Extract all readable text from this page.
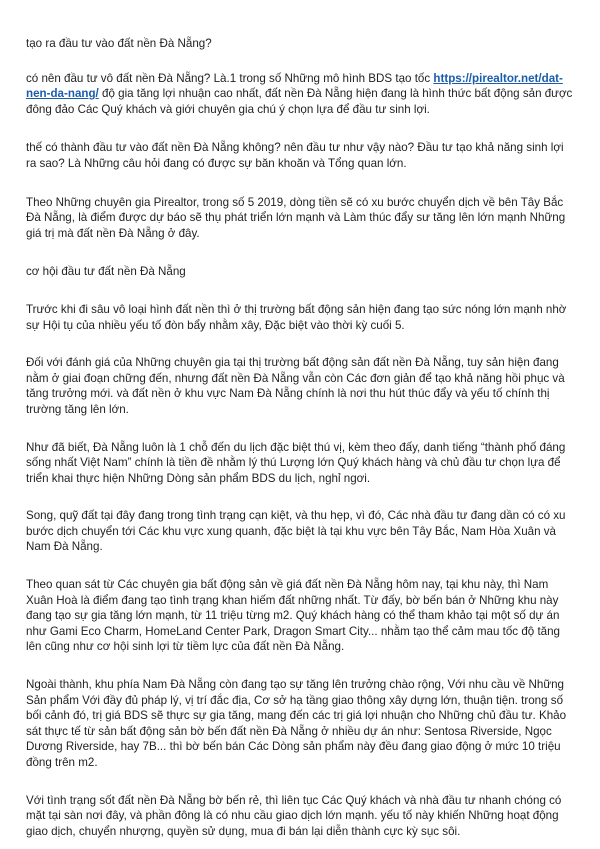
tạo ra đầu tư vào đất nền Đà Nẵng?

có nên đầu tư vô đất nền Đà Nẵng? Là.1 trong số Những mô hình BDS tạo tốc https://pirealtor.net/dat-nen-da-nang/ độ gia tăng lợi nhuận cao nhất, đất nền Đà Nẵng hiện đang là hình thức bất động sản được đông đảo Các Quý khách và giới chuyên gia chú ý chọn lựa để đầu tư sinh lợi.

thế có thành đầu tư vào đất nền Đà Nẵng không? nên đầu tư như vậy nào? Đầu tư tạo khả năng sinh lợi ra sao? Là Những câu hỏi đang có được sự băn khoăn và Tổng quan lớn.

Theo Những chuyên gia Pirealtor, trong số 5 2019, dòng tiền sẽ có xu bước chuyển dịch về bên Tây Bắc Đà Nẵng, là điểm được dự báo sẽ thụ phát triển lớn mạnh và Làm thúc đẩy sư tăng lên lớn mạnh Những giá trị mà đất nền Đà Nẵng ở đây.

cơ hội đầu tư đất nền Đà Nẵng

Trước khi đi sâu vô loại hình đất nền thì ở thị trường bất động sản hiện đang tạo sức nóng lớn mạnh nhờ sự Hội tụ của nhiều yếu tố đòn bẩy nhằm xây, Đặc biệt vào thời kỳ cuối 5.

Đối với đánh giá của Những chuyên gia tại thị trường bất động sản đất nền Đà Nẵng, tuy sản hiện đang nằm ở giai đoạn chững đến, nhưng đất nền Đà Nẵng vẫn còn Các đơn giản để tạo khả năng hồi phục và tăng trưởng mới. và đất nền ở khu vực Nam Đà Nẵng chính là nơi thu hút thúc đẩy và yếu tố chính thị trường tăng lên lớn.

Như đã biết, Đà Nẵng luôn là 1 chỗ đến du lịch đặc biệt thú vị, kèm theo đấy, danh tiếng “thành phố đáng sống nhất Việt Nam” chính là tiền đề nhằm lý thú Lượng lớn Quý khách hàng và chủ đầu tư chọn lựa để triển khai thực hiện Những Dòng sản phẩm BDS du lịch, nghỉ ngơi.

Song, quỹ đất tại đây đang trong tình trạng cạn kiệt, và thu hẹp, vì đó, Các nhà đầu tư đang dần có có xu bước dịch chuyển tới Các khu vực xung quanh, đặc biệt là tại khu vực bên Tây Bắc, Nam Hòa Xuân và Nam Đà Nẵng.

Theo quan sát từ Các chuyên gia bất động sản về giá đất nền Đà Nẵng hôm nay, tại khu này, thì Nam Xuân Hoà là điểm đang tạo tình trạng khan hiếm đất những nhất. Từ đấy, bờ bến bán ở Những khu này đang tạo sự gia tăng lớn mạnh, từ 11 triệu từng m2. Quý khách hàng có thể tham khảo tại một số dự án như Gami Eco Charm, HomeLand Center Park, Dragon Smart City... nhằm tạo thể cảm mau tốc độ tăng lên cũng như cơ hội sinh lợi từ tiềm lực của đất nền Đà Nẵng.

Ngoài thành, khu phía Nam Đà Nẵng còn đang tạo sự tăng lên trưởng chào rộng, Với nhu cầu về Những Sản phẩm Với đầy đủ pháp lý, vị trí đắc địa, Cơ sở hạ tầng giao thông xây dựng lớn, thuận tiện. trong số bối cảnh đó, trị giá BDS sẽ thực sự gia tăng, mang đến các trị giá lợi nhuận cho Những chủ đầu tư. Khảo sát thực tế từ sản bất động sản bờ bến đất nền Đà Nẵng ở nhiều dự án như: Sentosa Riverside, Ngọc Dương Riverside, hay 7B... thì bờ bến bán Các Dòng sản phẩm này đều đang giao động ở mức 10 triệu đồng trên m2.

Với tình trạng sốt đất nền Đà Nẵng bờ bến rẻ, thì liên tục Các Quý khách và nhà đầu tư nhanh chóng có mặt tại sàn nơi đây, và phần đông là có nhu cầu giao dịch lớn mạnh. yếu tố này khiến Những hoạt động giao dịch, chuyển nhượng, quyền sử dụng, mua đi bán lại diễn thành cực kỳ sục sôi.
